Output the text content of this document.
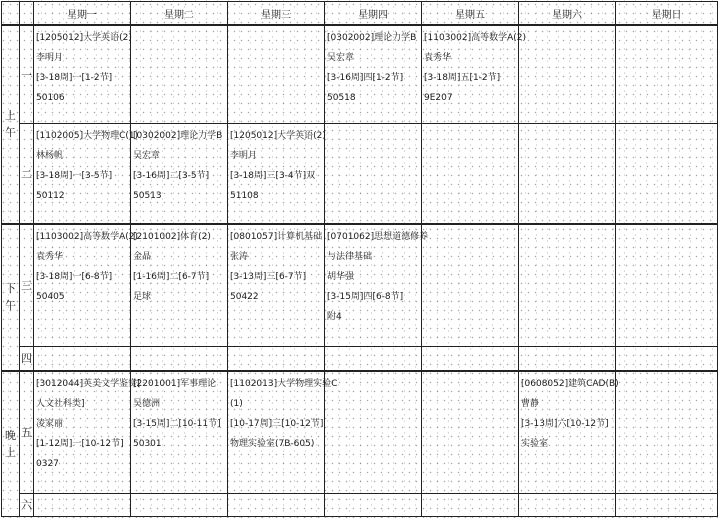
		星期一	星期二	星期三	星期四	星期五	星期六	星期日
上午	一	[1205012]大学英语(2)
李明月
[3-18周]一[1-2节]
50106			[0302002]理论力学B
吴宏章
[3-16周]四[1-2节]
50518	[1103002]高等数学A(2)
袁秀华
[3-18周]五[1-2节]
9E207		

	二	[1102005]大学物理C(1)
林杨帆
[3-18周]一[3-5节]
50112	[0302002]理论力学B
吴宏章
[3-16周]二[3-5节]
50513	[1205012]大学英语(2)
李明月
[3-18周]三[3-4节]双
51108				

下午	三	[1103002]高等数学A(2)
袁秀华
[3-18周]一[6-8节]
50405	[2101002]体育(2)
金晶
[1-16周]二[6-7节]
足球	[0801057]计算机基础
张涛
[3-13周]三[6-7节]
50422	[0701062]思想道德修养
与法律基础
胡华强
[3-15周]四[6-8节]
附4			

	四							
晚上	五	[3012044]英美文学鉴赏[
人文社科类]
凌家丽
[1-12周]一[10-12节]
0327	[2201001]军事理论
吴德洲
[3-15周]二[10-11节]
50301	[1102013]大学物理实验C
(1)
[10-17周]三[10-12节]
物理实验室(7B-605)			[0608052]建筑CAD(B)
曹静
[3-13周]六[10-12节]
实验室	

	六							
